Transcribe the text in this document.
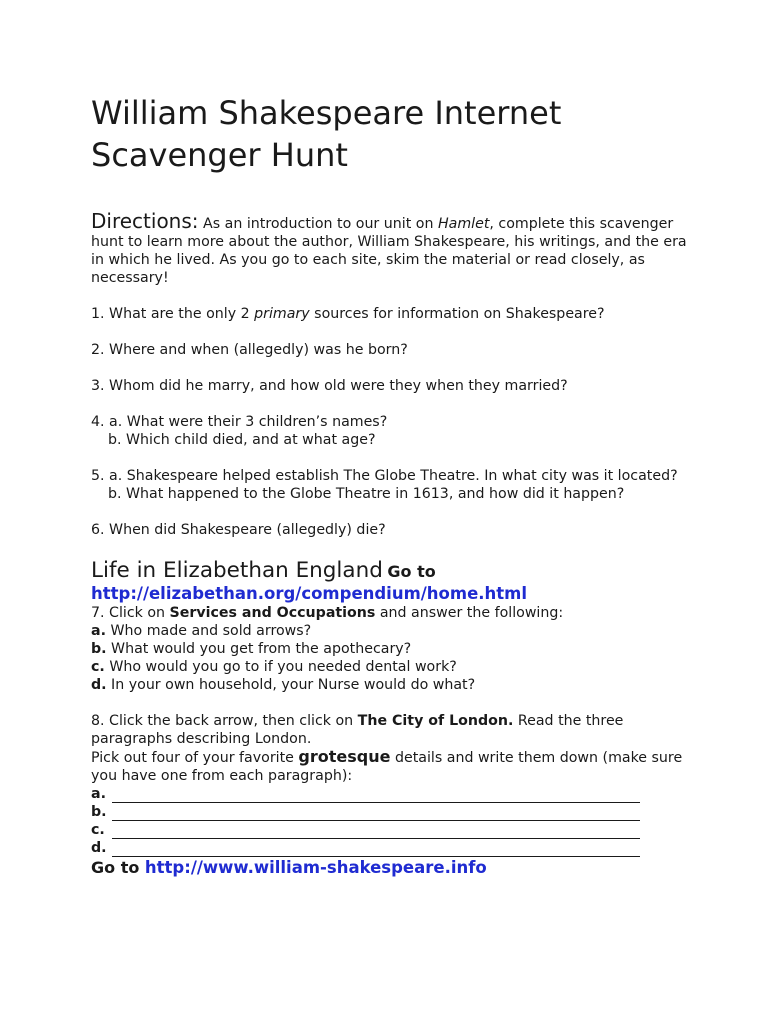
William Shakespeare Internet
Scavenger Hunt

Directions: As an introduction to our unit on Hamlet, complete this scavenger hunt to learn more about the author, William Shakespeare, his writings, and the era in which he lived. As you go to each site, skim the material or read closely, as necessary!

1. What are the only 2 primary sources for information on Shakespeare?

2. Where and when (allegedly) was he born?

3. Whom did he marry, and how old were they when they married?

4. a. What were their 3 children’s names?
b. Which child died, and at what age?
5. a. Shakespeare helped establish The Globe Theatre. In what city was it located?
b. What happened to the Globe Theatre in 1613, and how did it happen?

6. When did Shakespeare (allegedly) die?

Life in Elizabethan England Go to
http://elizabethan.org/compendium/home.html
7. Click on Services and Occupations and answer the following:
a. Who made and sold arrows?
b. What would you get from the apothecary?
c. Who would you go to if you needed dental work?
d. In your own household, your Nurse would do what?
8. Click the back arrow, then click on The City of London. Read the three paragraphs describing London.
Pick out four of your favorite grotesque details and write them down (make sure you have one from each paragraph):
a.
b.
c.
d.
Go to http://www.william-shakespeare.info
